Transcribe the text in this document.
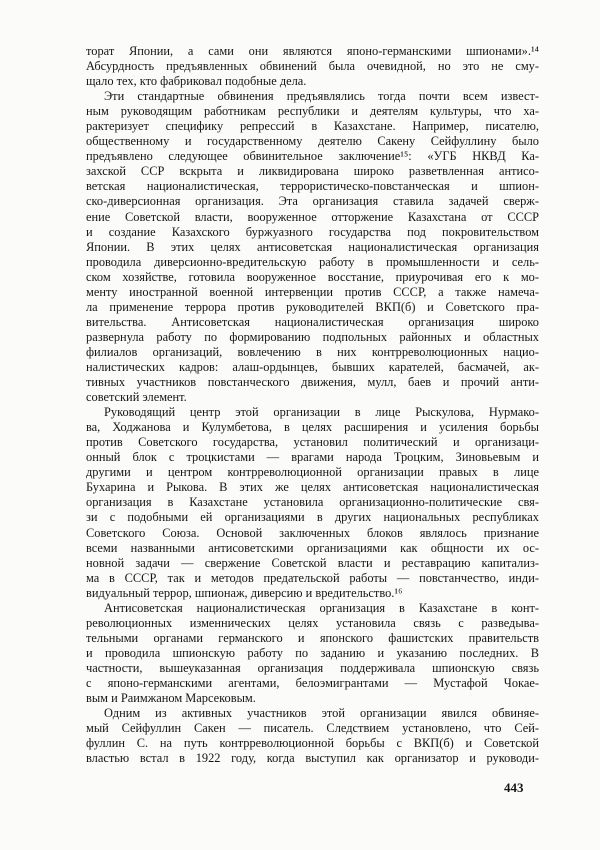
торат Японии, а сами они являются японо-германскими шпионами».¹⁴
Абсурдность предъявленных обвинений была очевидной, но это не сму-
щало тех, кто фабриковал подобные дела.
Эти стандартные обвинения предъявлялись тогда почти всем извест-
ным руководящим работникам республики и деятелям культуры, что ха-
рактеризует специфику репрессий в Казахстане. Например, писателю,
общественному и государственному деятелю Сакену Сейфуллину было
предъявлено следующее обвинительное заключение¹⁵: «УГБ НКВД Ка-
захской ССР вскрыта и ликвидирована широко разветвленная антисо-
ветская националистическая, террористическо-повстанческая и шпион-
ско-диверсионная организация. Эта организация ставила задачей сверж-
ение Советской власти, вооруженное отторжение Казахстана от СССР
и создание Казахского буржуазного государства под покровительством
Японии. В этих целях антисоветская националистическая организация
проводила диверсионно-вредительскую работу в промышленности и сель-
ском хозяйстве, готовила вооруженное восстание, приурочивая его к мо-
менту иностранной военной интервенции против СССР, а также намеча-
ла применение террора против руководителей ВКП(б) и Советского пра-
вительства. Антисоветская националистическая организация широко
развернула работу по формированию подпольных районных и областных
филиалов организаций, вовлечению в них контрреволюционных нацио-
налистических кадров: алаш-ордынцев, бывших карателей, басмачей, ак-
тивных участников повстанческого движения, мулл, баев и прочий анти-
советский элемент.
Руководящий центр этой организации в лице Рыскулова, Нурмако-
ва, Ходжанова и Кулумбетова, в целях расширения и усиления борьбы
против Советского государства, установил политический и организаци-
онный блок с троцкистами — врагами народа Троцким, Зиновьевым и
другими и центром контрреволюционной организации правых в лице
Бухарина и Рыкова. В этих же целях антисоветская националистическая
организация в Казахстане установила организационно-политические свя-
зи с подобными ей организациями в других национальных республиках
Советского Союза. Основой заключенных блоков являлось признание
всеми названными антисоветскими организациями как общности их ос-
новной задачи — свержение Советской власти и реставрацию капитализ-
ма в СССР, так и методов предательской работы — повстанчество, инди-
видуальный террор, шпионаж, диверсию и вредительство.¹⁶
Антисоветская националистическая организация в Казахстане в конт-
революционных изменнических целях установила связь с разведыва-
тельными органами германского и японского фашистских правительств
и проводила шпионскую работу по заданию и указанию последних. В
частности, вышеуказанная организация поддерживала шпионскую связь
с японо-германскими агентами, белоэмигрантами — Мустафой Чокае-
вым и Раимжаном Марсековым.
Одним из активных участников этой организации явился обвиняе-
мый Сейфуллин Сакен — писатель. Следствием установлено, что Сей-
фуллин С. на путь контрреволюционной борьбы с ВКП(б) и Советской
властью встал в 1922 году, когда выступил как организатор и руководи-
443
